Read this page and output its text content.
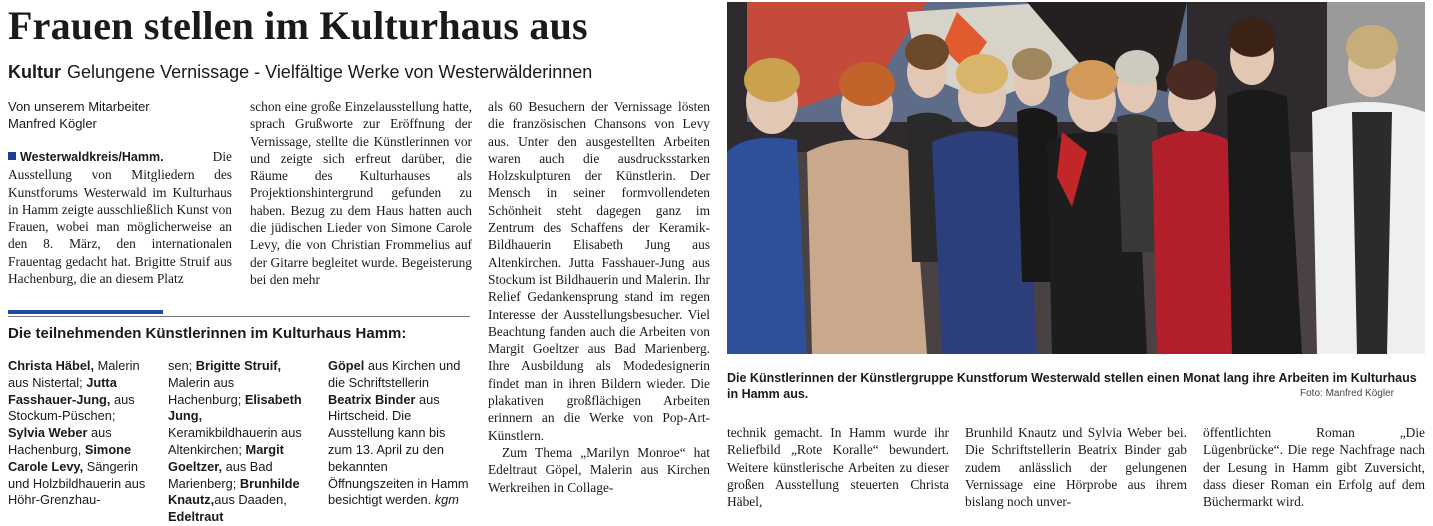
Frauen stellen im Kulturhaus aus
Kultur Gelungene Vernissage - Vielfältige Werke von Westerwälderinnen
Von unserem Mitarbeiter
Manfred Kögler

Westerwaldkreis/Hamm. Die Ausstellung von Mitgliedern des Kunstforums Westerwald im Kulturhaus in Hamm zeigte ausschließlich Kunst von Frauen, wobei man möglicherweise an den 8. März, den internationalen Frauentag gedacht hat. Brigitte Struif aus Hachenburg, die an diesem Platz

schon eine große Einzelausstellung hatte, sprach Grußworte zur Eröffnung der Vernissage, stellte die Künstlerinnen vor und zeigte sich erfreut darüber, die Räume des Kulturhauses als Projektionshintergrund gefunden zu haben. Bezug zu dem Haus hatten auch die jüdischen Lieder von Simone Carole Levy, die von Christian Frommelius auf der Gitarre begleitet wurde. Begeisterung bei den mehr

als 60 Besuchern der Vernissage lösten die französischen Chansons von Levy aus. Unter den ausgestellten Arbeiten waren auch die ausdrucksstarken Holzskulpturen der Künstlerin. Der Mensch in seiner formvollendeten Schönheit steht dagegen ganz im Zentrum des Schaffens der Keramik-Bildhauerin Elisabeth Jung aus Altenkirchen. Jutta Fasshauer-Jung aus Stockum ist Bildhauerin und Malerin. Ihr Relief Gedankensprung stand im regen Interesse der Ausstellungsbesucher. Viel Beachtung fanden auch die Arbeiten von Margit Goeltzer aus Bad Marienberg. Ihre Ausbildung als Modedesignerin findet man in ihren Bildern wieder. Die plakativen großflächigen Arbeiten erinnern an die Werke von Pop-Art-Künstlern.

Zum Thema „Marilyn Monroe“ hat Edeltraut Göpel, Malerin aus Kirchen Werkreihen in Collage-

Die teilnehmenden Künstlerinnen im Kulturhaus Hamm:

Christa Häbel, Malerin aus Nistertal; Jutta Fasshauer-Jung, aus Stockum-Püschen; Sylvia Weber aus Hachenburg, Simone Carole Levy, Sängerin und Holzbildhauerin aus Höhr-Grenzhau-

sen; Brigitte Struif, Malerin aus Hachenburg; Elisabeth Jung, Keramikbildhauerin aus Altenkirchen; Margit Goeltzer, aus Bad Marienberg; Brunhilde Knautz,aus Daaden, Edeltraut

Göpel aus Kirchen und die Schriftstellerin Beatrix Binder aus Hirtscheid. Die Ausstellung kann bis zum 13. April zu den bekannten Öffnungszeiten in Hamm besichtigt werden. kgm

Die Künstlerinnen der Künstlergruppe Kunstforum Westerwald stellen einen Monat lang ihre Arbeiten im Kulturhaus in Hamm aus.	Foto: Manfred Kögler
technik gemacht. In Hamm wurde ihr Reliefbild „Rote Koralle“ bewundert. Weitere künstlerische Arbeiten zu dieser großen Ausstellung steuerten Christa Häbel,
Brunhild Knautz und Sylvia Weber bei. Die Schriftstellerin Beatrix Binder gab zudem anlässlich der gelungenen Vernissage eine Hörprobe aus ihrem bislang noch unver-
öffentlichten Roman „Die Lügenbrücke“. Die rege Nachfrage nach der Lesung in Hamm gibt Zuversicht, dass dieser Roman ein Erfolg auf dem Büchermarkt wird.
